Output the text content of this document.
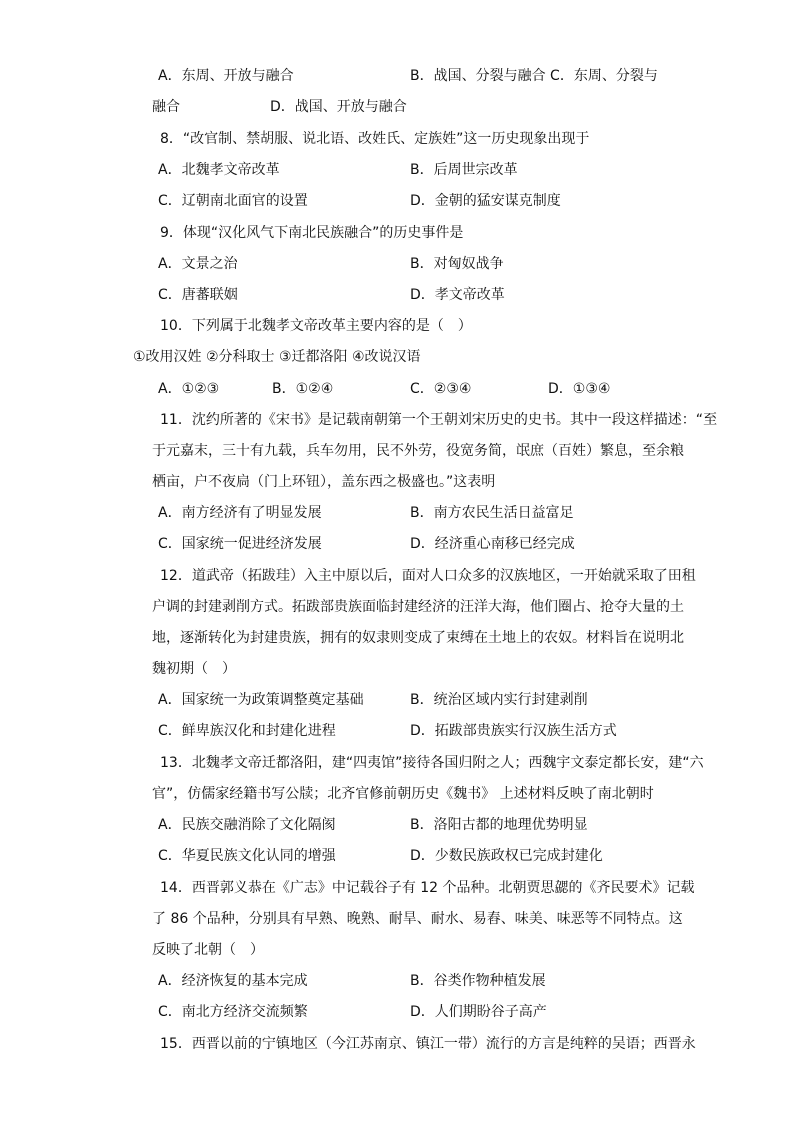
A．东周、开放与融合	B．战国、分裂与融合 C．东周、分裂与
融合	D．战国、开放与融合
8．“改官制、禁胡服、说北语、改姓氏、定族姓”这一历史现象出现于
A．北魏孝文帝改革	B．后周世宗改革
C．辽朝南北面官的设置	D．金朝的猛安谋克制度
9．体现“汉化风气下南北民族融合”的历史事件是
A．文景之治	B．对匈奴战争
C．唐蕃联姻	D．孝文帝改革
10．下列属于北魏孝文帝改革主要内容的是（　）
①改用汉姓 ②分科取士 ③迁都洛阳 ④改说汉语
A．①②③	B．①②④	C．②③④	D．①③④
11．沈约所著的《宋书》是记载南朝第一个王朝刘宋历史的史书。其中一段这样描述：“至
于元嘉末，三十有九载，兵车勿用，民不外劳，役宽务简，氓庶（百姓）繁息，至余粮
栖亩，户不夜扃（门上环钮），盖东西之极盛也。”这表明
A．南方经济有了明显发展	B．南方农民生活日益富足
C．国家统一促进经济发展	D．经济重心南移已经完成
12．道武帝（拓跋珪）入主中原以后，面对人口众多的汉族地区，一开始就采取了田租
户调的封建剥削方式。拓跋部贵族面临封建经济的汪洋大海，他们圈占、抢夺大量的土
地，逐渐转化为封建贵族，拥有的奴隶则变成了束缚在土地上的农奴。材料旨在说明北
魏初期（　）
A．国家统一为政策调整奠定基础	B．统治区域内实行封建剥削
C．鲜卑族汉化和封建化进程	D．拓跋部贵族实行汉族生活方式
13．北魏孝文帝迁都洛阳，建“四夷馆”接待各国归附之人；西魏宇文泰定都长安，建“六
官”，仿儒家经籍书写公牍；北齐官修前朝历史《魏书》 上述材料反映了南北朝时
A．民族交融消除了文化隔阂	B．洛阳古都的地理优势明显
C．华夏民族文化认同的增强	D．少数民族政权已完成封建化
14．西晋郭义恭在《广志》中记载谷子有 12 个品种。北朝贾思勰的《齐民要术》记载
了 86 个品种，分别具有早熟、晚熟、耐旱、耐水、易舂、味美、味恶等不同特点。这
反映了北朝（　）
A．经济恢复的基本完成	B．谷类作物种植发展
C．南北方经济交流频繁	D．人们期盼谷子高产
15．西晋以前的宁镇地区（今江苏南京、镇江一带）流行的方言是纯粹的吴语；西晋永
